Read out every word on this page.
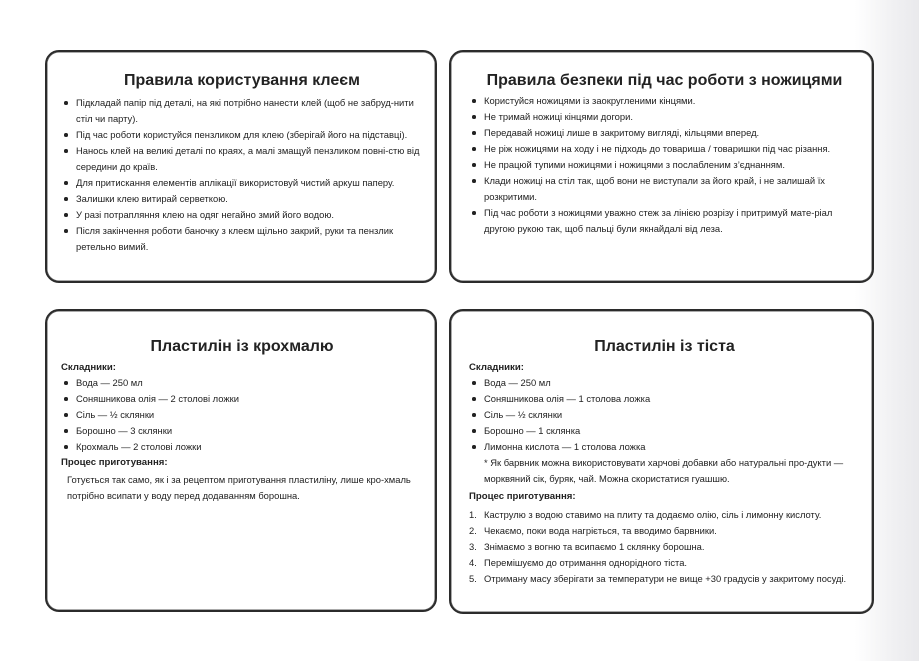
Правила користування клеєм
Підкладай папір під деталі, на які потрібно нанести клей (щоб не забруд-нити стіл чи парту).
Під час роботи користуйся пензликом для клею (зберігай його на підставці).
Нанось клей на великі деталі по краях, а малі змащуй пензликом повні-стю від середини до країв.
Для притискання елементів аплікації використовуй чистий аркуш паперу.
Залишки клею витирай серветкою.
У разі потрапляння клею на одяг негайно змий його водою.
Після закінчення роботи баночку з клеєм щільно закрий, руки та пензлик ретельно вимий.
Правила безпеки під час роботи з ножицями
Користуйся ножицями із заокругленими кінцями.
Не тримай ножиці кінцями догори.
Передавай ножиці лише в закритому вигляді, кільцями вперед.
Не ріж ножицями на ходу і не підходь до товариша / товаришки під час різання.
Не працюй тупими ножицями і ножицями з послабленим з’єднанням.
Клади ножиці на стіл так, щоб вони не виступали за його край, і не залишай їх розкритими.
Під час роботи з ножицями уважно стеж за лінією розрізу і притримуй мате-ріал другою рукою так, щоб пальці були якнайдалі від леза.
Пластилін із крохмалю

Складники:

Вода — 250 мл
Соняшникова олія — 2 столові ложки
Сіль — ½ склянки
Борошно — 3 склянки
Крохмаль — 2 столові ложки

Процес приготування:

Готується так само, як і за рецептом приготування пластиліну, лише кро-хмаль потрібно всипати у воду перед додаванням борошна.

Пластилін із тіста

Складники:

Вода — 250 мл
Соняшникова олія — 1 столова ложка
Сіль — ½ склянки
Борошно — 1 склянка
Лимонна кислота — 1 столова ложка

* Як барвник можна використовувати харчові добавки або натуральні про-дукти — морквяний сік, буряк, чай. Можна скористатися гуашшю.

Процес приготування:

1. Каструлю з водою ставимо на плиту та додаємо олію, сіль і лимонну кислоту.
2. Чекаємо, поки вода нагріється, та вводимо барвники.
3. Знімаємо з вогню та всипаємо 1 склянку борошна.
4. Перемішуємо до отримання однорідного тіста.
5. Отриману масу зберігати за температури не вище +30 градусів у закритому посуді.
